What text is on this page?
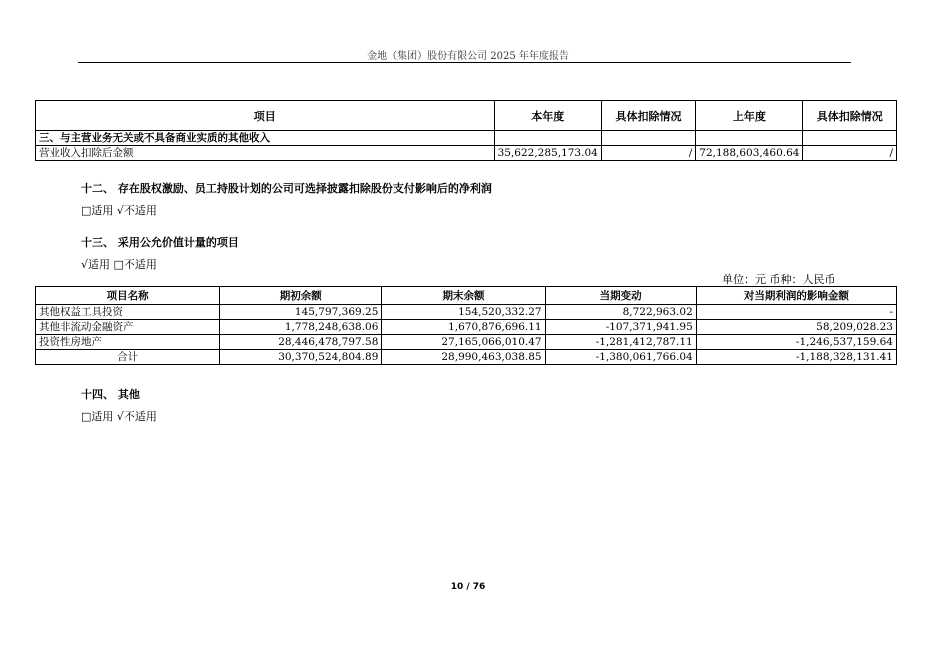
金地（集团）股份有限公司 2025 年年度报告
项目	本年度	具体扣除情况	上年度	具体扣除情况
三、与主营业务无关或不具备商业实质的其他收入				
营业收入扣除后金额	35,622,285,173.04	/	72,188,603,460.64	/
十二、 存在股权激励、员工持股计划的公司可选择披露扣除股份支付影响后的净利润
□适用 √不适用
十三、 采用公允价值计量的项目
√适用 □不适用
单位：元 币种：人民币
项目名称	期初余额	期末余额	当期变动	对当期利润的影响金额
其他权益工具投资	145,797,369.25	154,520,332.27	8,722,963.02	-
其他非流动金融资产	1,778,248,638.06	1,670,876,696.11	-107,371,941.95	58,209,028.23
投资性房地产	28,446,478,797.58	27,165,066,010.47	-1,281,412,787.11	-1,246,537,159.64
合计	30,370,524,804.89	28,990,463,038.85	-1,380,061,766.04	-1,188,328,131.41
十四、 其他
□适用 √不适用
10 / 76
